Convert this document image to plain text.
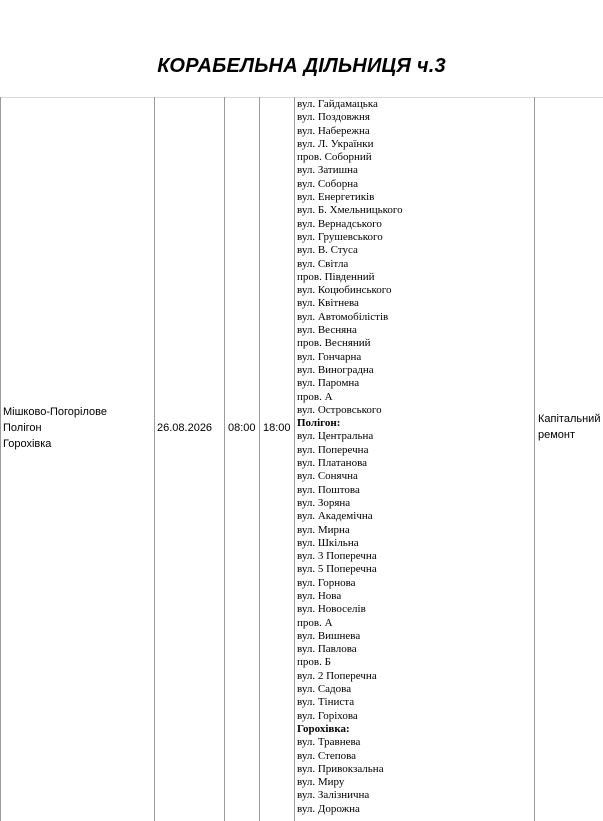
КОРАБЕЛЬНА ДІЛЬНИЦЯ ч.3
Мішково-Погорілове
Полігон
Горохівка
26.08.2026 08:00 18:00
Капітальний
ремонт
вул. Гайдамацька
вул. Поздовжня
вул. Набережна
вул. Л. Українки
пров. Соборний
вул. Затишна
вул. Соборна
вул. Енергетиків
вул. Б. Хмельницького
вул. Вернадського
вул. Грушевського
вул. В. Стуса
вул. Світла
пров. Південний
вул. Коцюбинського
вул. Квітнева
вул. Автомобілістів
вул. Весняна
пров. Весняний
вул. Гончарна
вул. Виноградна
вул. Паромна
пров. А
вул. Островського
Полігон:
вул. Центральна
вул. Поперечна
вул. Платанова
вул. Сонячна
вул. Поштова
вул. Зоряна
вул. Академічна
вул. Мирна
вул. Шкільна
вул. 3 Поперечна
вул. 5 Поперечна
вул. Горнова
вул. Нова
вул. Новоселів
пров. А
вул. Вишнева
вул. Павлова
пров. Б
вул. 2 Поперечна
вул. Садова
вул. Тіниста
вул. Горіхова
Горохівка:
вул. Травнева
вул. Степова
вул. Привокзальна
вул. Миру
вул. Залізнична
вул. Дорожна
